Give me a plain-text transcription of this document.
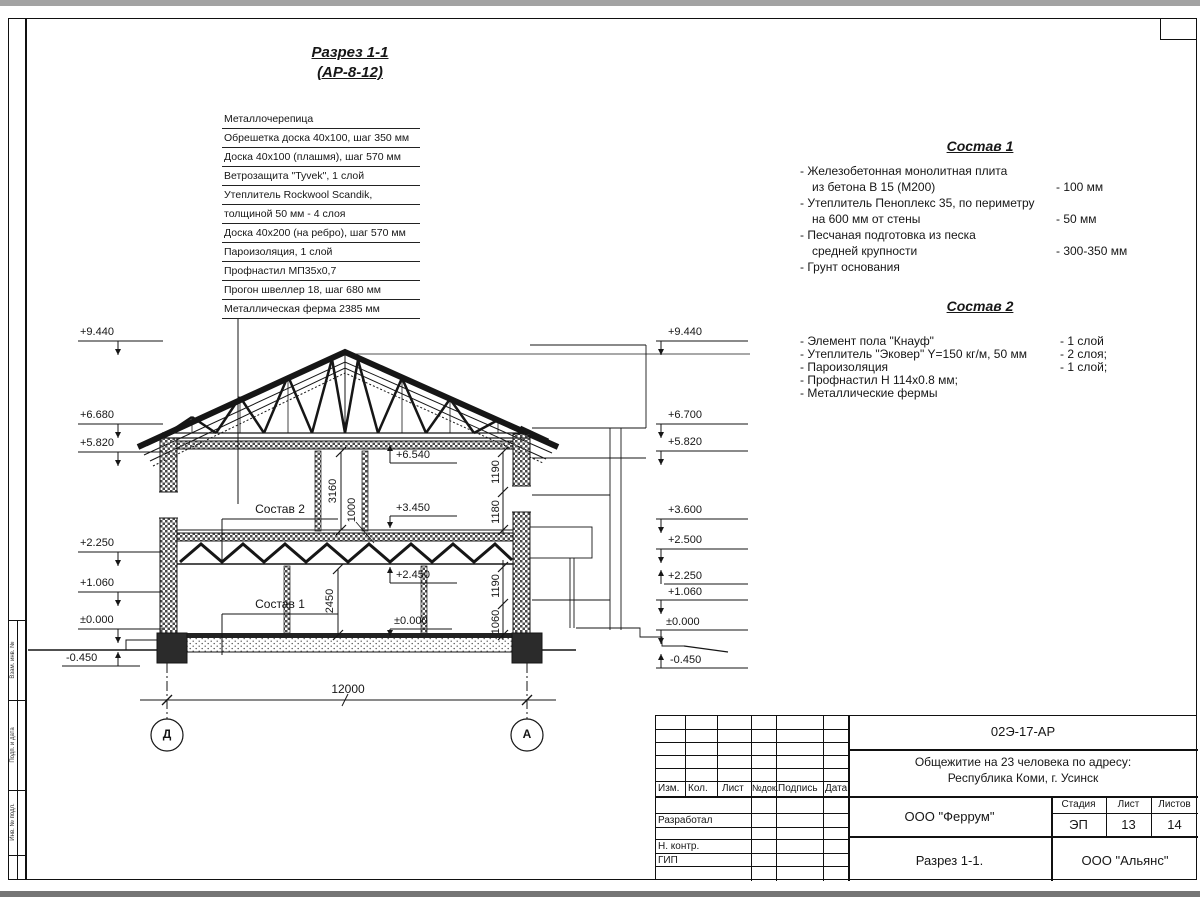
Взам. инв. №
Подп. и дата
Инв. № подл.
Разрез 1-1
(АР-8-12)
Металлочерепица
Обрешетка доска 40х100, шаг 350 мм
Доска 40х100 (плашмя), шаг 570 мм
Ветрозащита "Tyvek", 1 слой
Утеплитель Rockwool Scandik,
толщиной 50 мм - 4 слоя
Доска 40х200 (на ребро), шаг 570 мм
Пароизоляция, 1 слой
Профнастил МП35х0,7
Прогон швеллер 18, шаг 680 мм
Металлическая ферма 2385 мм
Состав 1
- Железобетонная монолитная плита
из бетона В 15 (М200)	- 100 мм
- Утеплитель Пеноплекс 35, по периметру
на 600 мм от стены	- 50 мм
- Песчаная подготовка из песка
средней крупности	- 300-350 мм
- Грунт основания
Состав 2
- Элемент пола "Кнауф"	- 1 слой
- Утеплитель "Эковер" Y=150 кг/м, 50 мм	- 2 слоя;
- Пароизоляция	- 1 слой;
- Профнастил Н 114х0.8 мм;
- Металлические фермы
Состав 2
Состав 1
+9.440
+6.680
+5.820
+2.250
+1.060
±0.000
-0.450
+9.440
+6.700
+5.820
+3.600
+2.500
+2.250
+1.060
±0.000
-0.450
+6.540
+3.450
+2.450
±0.000
3160
1000
2450
1190
1180
1190
1060
12000
Д	А
Изм. Кол. Лист №док. Подпись Дата
Разработал
Н. контр.
ГИП
02Э-17-АР
Общежитие на 23 человека по адресу:
Республика Коми, г. Усинск
ООО "Феррум"
Стадия	Лист	Листов
ЭП	13	14
Разрез 1-1.	ООО "Альянс"
